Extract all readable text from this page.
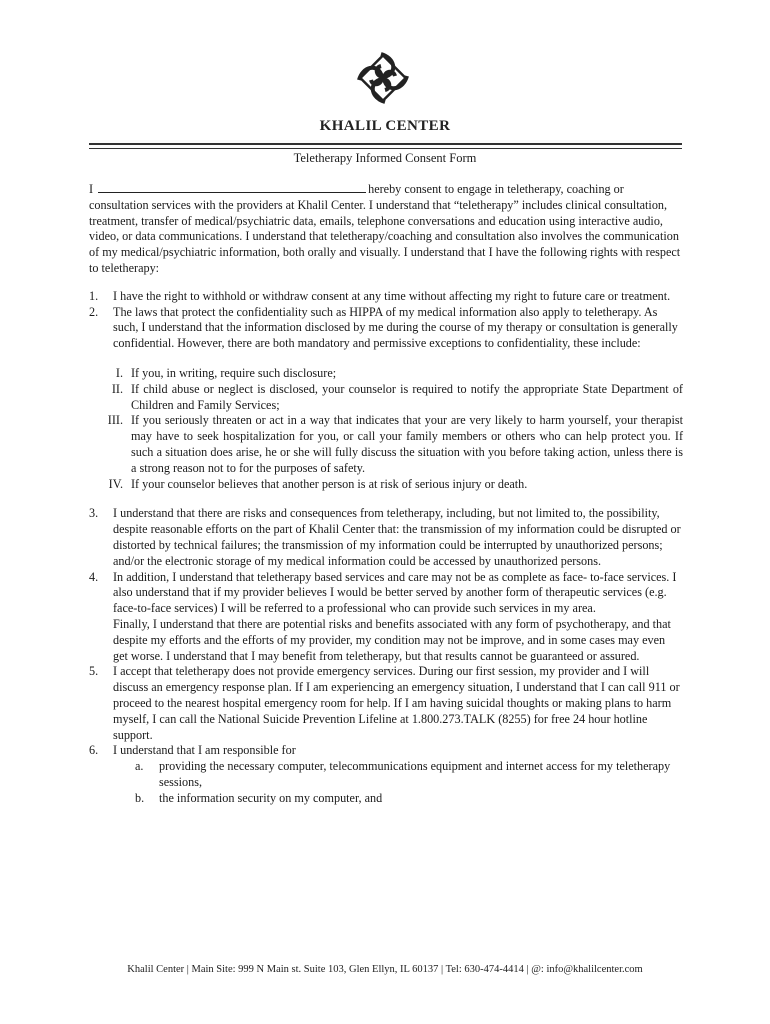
KHALIL CENTER
Teletherapy Informed Consent Form

I	hereby consent to engage in teletherapy, coaching or consultation services with the providers at Khalil Center. I understand that “teletherapy” includes clinical consultation, treatment, transfer of medical/psychiatric data, emails, telephone conversations and education using interactive audio, video, or data communications. I understand that teletherapy/coaching and consultation also involves the communication of my medical/psychiatric information, both orally and visually. I understand that I have the following rights with respect to teletherapy:

1. I have the right to withhold or withdraw consent at any time without affecting my right to future care or treatment.
2. The laws that protect the confidentiality such as HIPPA of my medical information also apply to teletherapy. As such, I understand that the information disclosed by me during the course of my therapy or consultation is generally confidential. However, there are both mandatory and permissive exceptions to confidentiality, these include:
I. If you, in writing, require such disclosure;
II. If child abuse or neglect is disclosed, your counselor is required to notify the appropriate State Department of Children and Family Services;
III. If you seriously threaten or act in a way that indicates that your are very likely to harm yourself, your therapist may have to seek hospitalization for you, or call your family members or others who can help protect you. If such a situation does arise, he or she will fully discuss the situation with you before taking action, unless there is a strong reason not to for the purposes of safety.
IV. If your counselor believes that another person is at risk of serious injury or death.
3. I understand that there are risks and consequences from teletherapy, including, but not limited to, the possibility, despite reasonable efforts on the part of Khalil Center that: the transmission of my information could be disrupted or distorted by technical failures; the transmission of my information could be interrupted by unauthorized persons; and/or the electronic storage of my medical information could be accessed by unauthorized persons.
4. In addition, I understand that teletherapy based services and care may not be as complete as face- to-face services. I also understand that if my provider believes I would be better served by another form of therapeutic services (e.g. face-to-face services) I will be referred to a professional who can provide such services in my area.
Finally, I understand that there are potential risks and benefits associated with any form of psychotherapy, and that despite my efforts and the efforts of my provider, my condition may not be improve, and in some cases may even get worse. I understand that I may benefit from teletherapy, but that results cannot be guaranteed or assured.
5. I accept that teletherapy does not provide emergency services. During our first session, my provider and I will discuss an emergency response plan. If I am experiencing an emergency situation, I understand that I can call 911 or proceed to the nearest hospital emergency room for help. If I am having suicidal thoughts or making plans to harm myself, I can call the National Suicide Prevention Lifeline at 1.800.273.TALK (8255) for free 24 hour hotline support.
6. I understand that I am responsible for
a. providing the necessary computer, telecommunications equipment and internet access for my teletherapy sessions,
b. the information security on my computer, and
Khalil Center | Main Site: 999 N Main st. Suite 103, Glen Ellyn, IL 60137 | Tel: 630-474-4414 | @: info@khalilcenter.com
